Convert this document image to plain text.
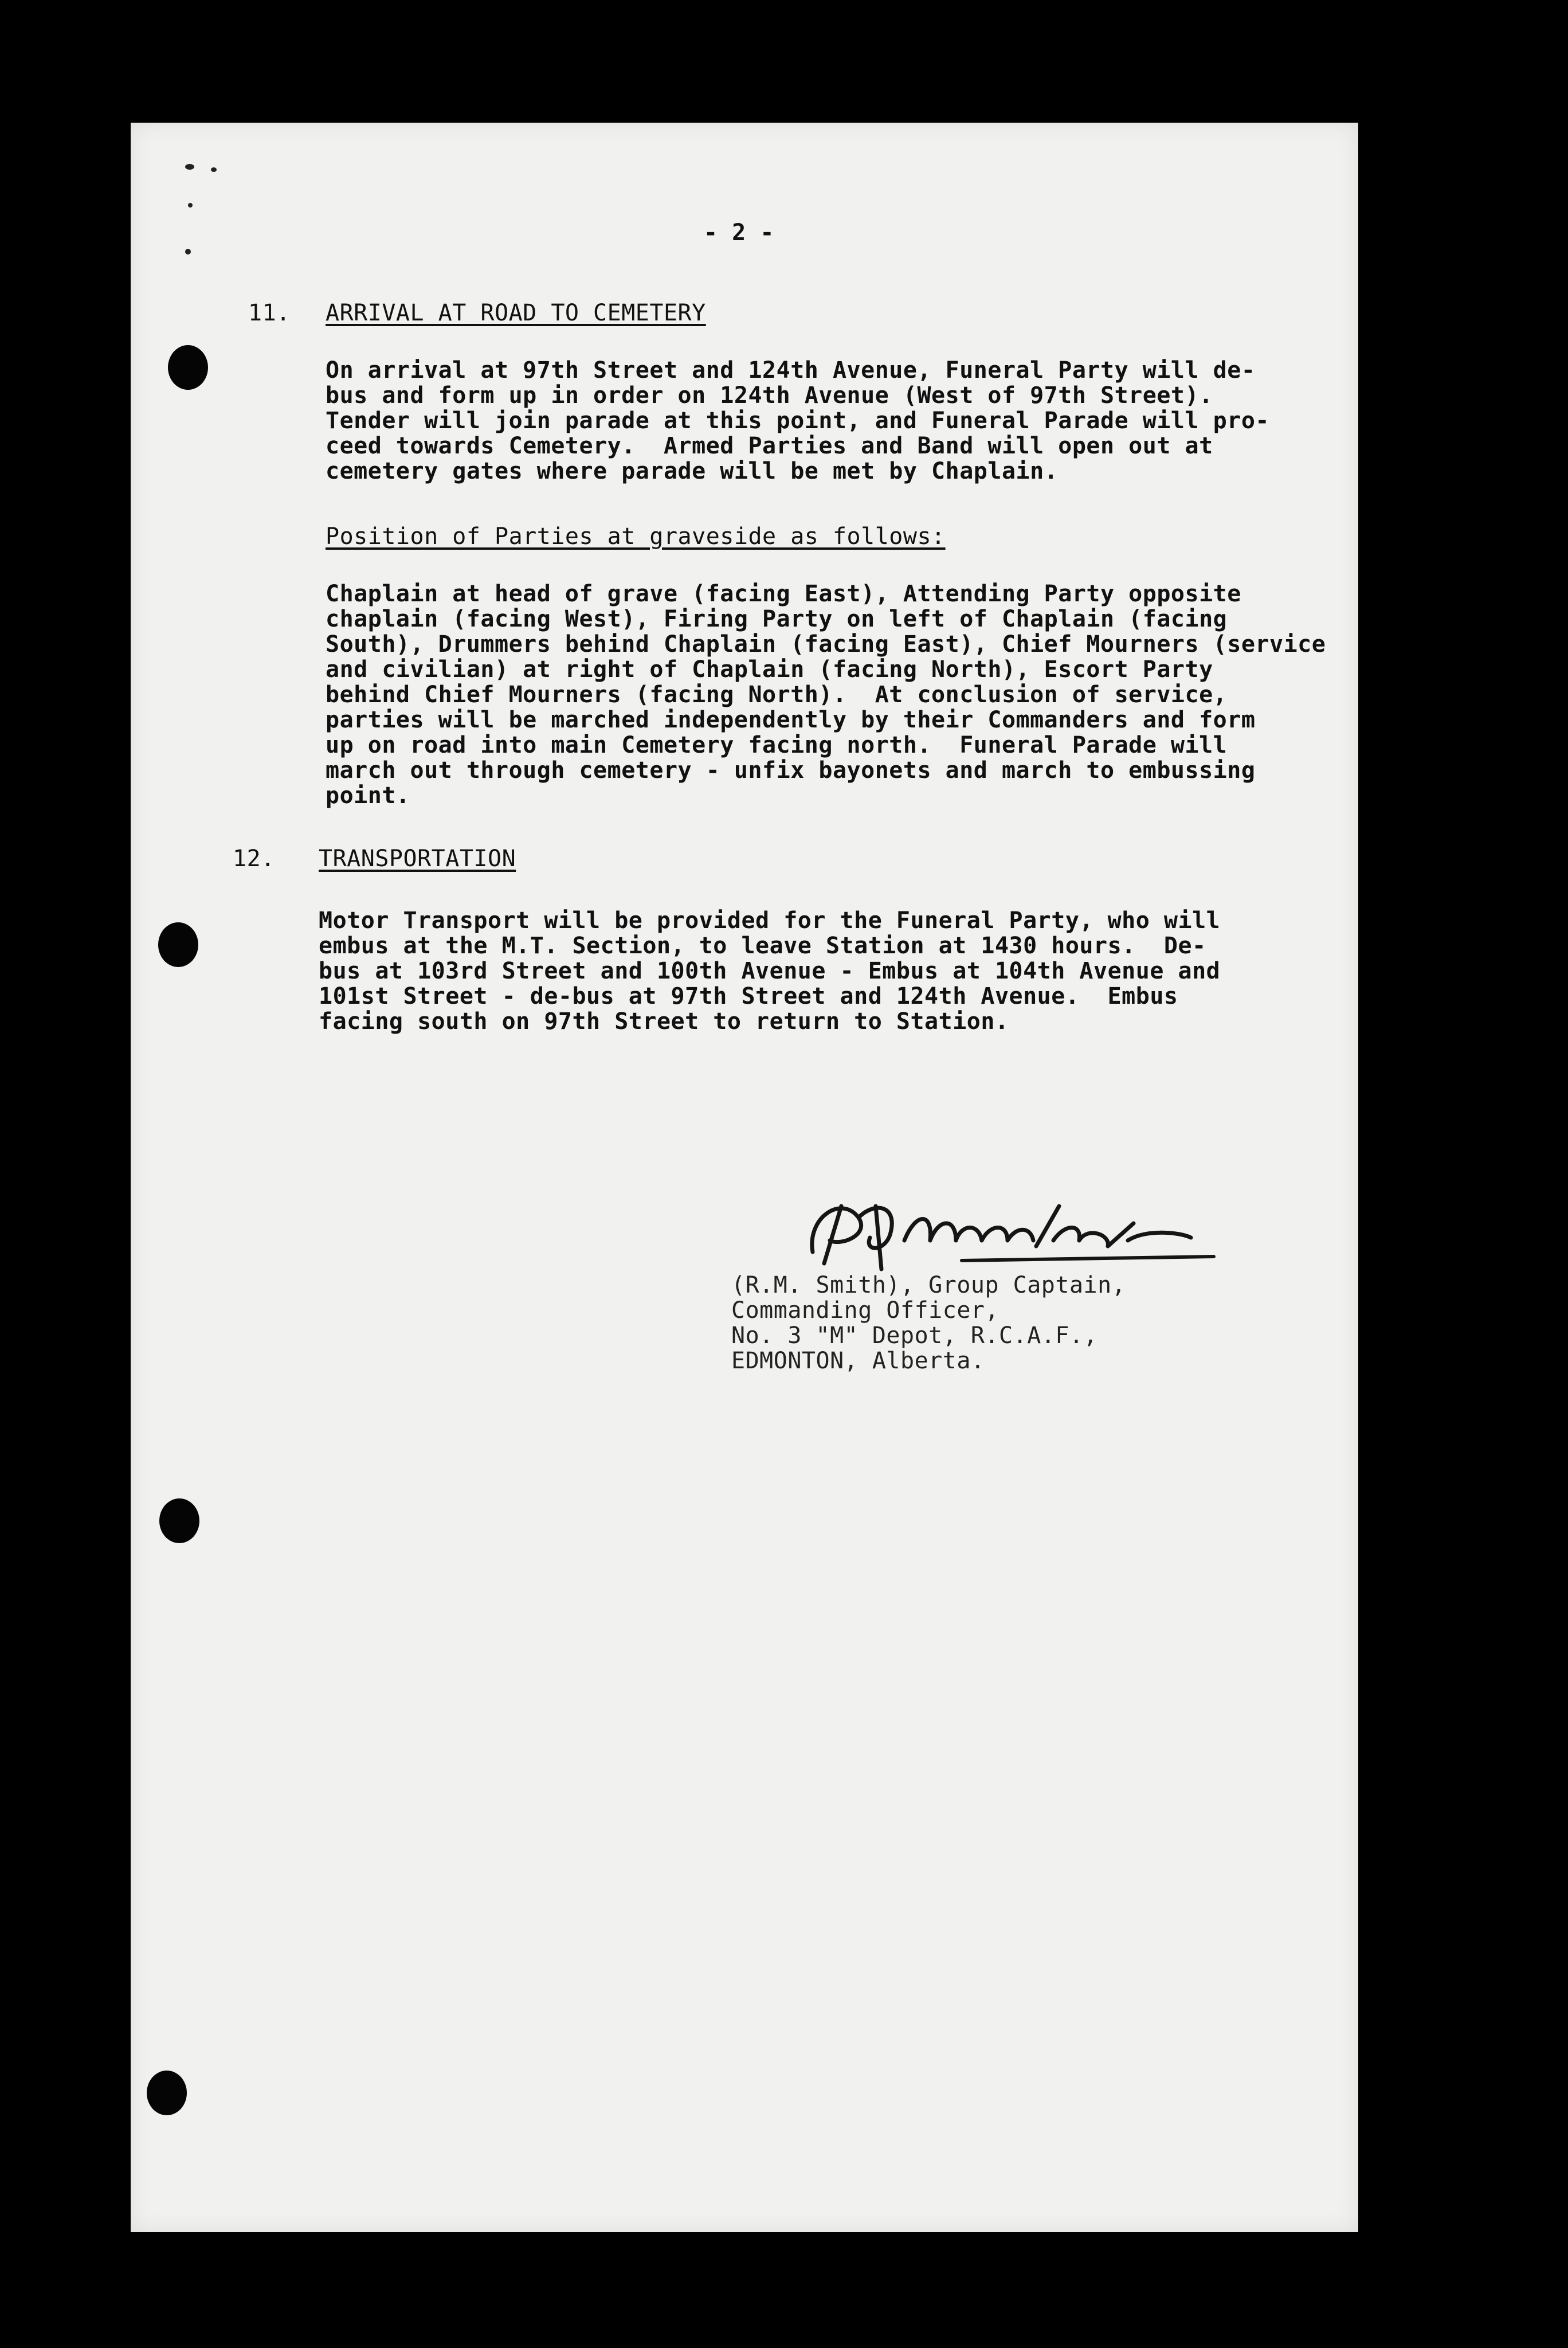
- 2 -
11. ARRIVAL AT ROAD TO CEMETERY
On arrival at 97th Street and 124th Avenue, Funeral Party will de-
bus and form up in order on 124th Avenue (West of 97th Street).
Tender will join parade at this point, and Funeral Parade will pro-
ceed towards Cemetery.  Armed Parties and Band will open out at
cemetery gates where parade will be met by Chaplain.
Position of Parties at graveside as follows:
Chaplain at head of grave (facing East), Attending Party opposite
chaplain (facing West), Firing Party on left of Chaplain (facing
South), Drummers behind Chaplain (facing East), Chief Mourners (service
and civilian) at right of Chaplain (facing North), Escort Party
behind Chief Mourners (facing North).  At conclusion of service,
parties will be marched independently by their Commanders and form
up on road into main Cemetery facing north.  Funeral Parade will
march out through cemetery - unfix bayonets and march to embussing
point.
12. TRANSPORTATION
Motor Transport will be provided for the Funeral Party, who will
embus at the M.T. Section, to leave Station at 1430 hours.  De-
bus at 103rd Street and 100th Avenue - Embus at 104th Avenue and
101st Street - de-bus at 97th Street and 124th Avenue.  Embus
facing south on 97th Street to return to Station.
(R.M. Smith), Group Captain,
Commanding Officer,
No. 3 "M" Depot, R.C.A.F.,
EDMONTON, Alberta.
